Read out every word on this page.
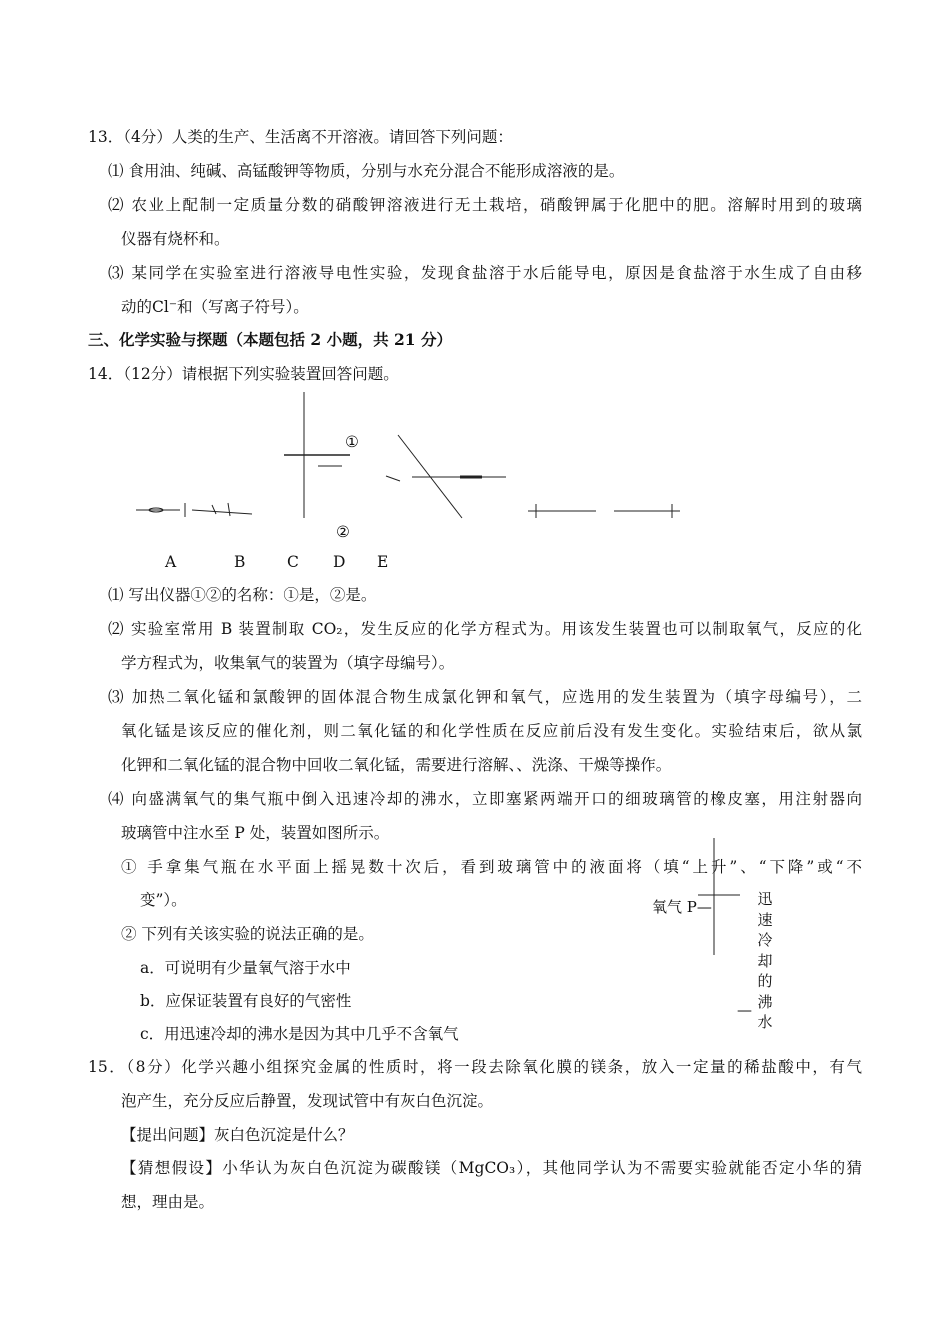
13．（4分）人类的生产、生活离不开溶液。请回答下列问题：
⑴ 食用油、纯碱、高锰酸钾等物质，分别与水充分混合不能形成溶液的是。
⑵ 农业上配制一定质量分数的硝酸钾溶液进行无土栽培，硝酸钾属于化肥中的肥。溶解时用到的玻璃
仪器有烧杯和。
⑶ 某同学在实验室进行溶液导电性实验，发现食盐溶于水后能导电，原因是食盐溶于水生成了自由移
动的Cl⁻和（写离子符号）。
三、化学实验与探题（本题包括 2 小题，共 21 分）
14．（12分）请根据下列实验装置回答问题。
①
②
A	B	C D E
⑴ 写出仪器①②的名称：①是，②是。
⑵ 实验室常用 B 装置制取 CO₂，发生反应的化学方程式为。用该发生装置也可以制取氧气，反应的化
学方程式为，收集氧气的装置为（填字母编号）。
⑶ 加热二氧化锰和氯酸钾的固体混合物生成氯化钾和氧气，应选用的发生装置为（填字母编号），二
氧化锰是该反应的催化剂，则二氧化锰的和化学性质在反应前后没有发生变化。实验结束后，欲从氯
化钾和二氧化锰的混合物中回收二氧化锰，需要进行溶解、、洗涤、干燥等操作。
⑷ 向盛满氧气的集气瓶中倒入迅速冷却的沸水，立即塞紧两端开口的细玻璃管的橡皮塞，用注射器向
玻璃管中注水至 P 处，装置如图所示。
① 手拿集气瓶在水平面上摇晃数十次后，看到玻璃管中的液面将（填“上升”、“下降”或“不
变”）。
② 下列有关该实验的说法正确的是。
a．可说明有少量氧气溶于水中
b．应保证装置有良好的气密性
c．用迅速冷却的沸水是因为其中几乎不含氧气
氧气 P—	迅
速
冷
却
的
沸
水
—
15．（8分）化学兴趣小组探究金属的性质时，将一段去除氧化膜的镁条，放入一定量的稀盐酸中，有气
泡产生，充分反应后静置，发现试管中有灰白色沉淀。
【提出问题】灰白色沉淀是什么？
【猜想假设】小华认为灰白色沉淀为碳酸镁（MgCO₃），其他同学认为不需要实验就能否定小华的猜
想，理由是。
